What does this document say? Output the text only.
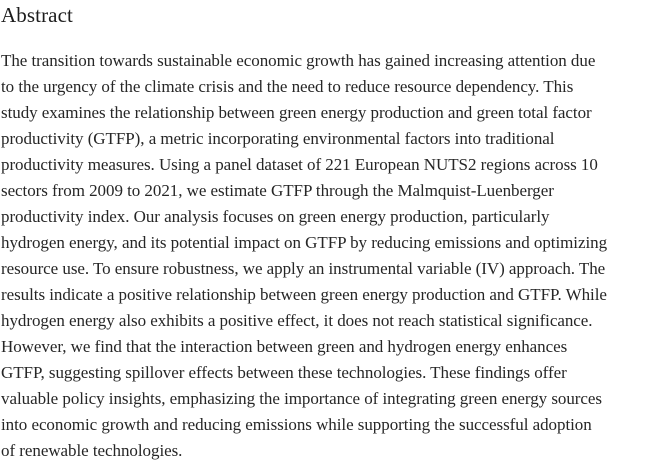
Abstract
The transition towards sustainable economic growth has gained increasing attention due
to the urgency of the climate crisis and the need to reduce resource dependency. This
study examines the relationship between green energy production and green total factor
productivity (GTFP), a metric incorporating environmental factors into traditional
productivity measures. Using a panel dataset of 221 European NUTS2 regions across 10
sectors from 2009 to 2021, we estimate GTFP through the Malmquist-Luenberger
productivity index. Our analysis focuses on green energy production, particularly
hydrogen energy, and its potential impact on GTFP by reducing emissions and optimizing
resource use. To ensure robustness, we apply an instrumental variable (IV) approach. The
results indicate a positive relationship between green energy production and GTFP. While
hydrogen energy also exhibits a positive effect, it does not reach statistical significance.
However, we find that the interaction between green and hydrogen energy enhances
GTFP, suggesting spillover effects between these technologies. These findings offer
valuable policy insights, emphasizing the importance of integrating green energy sources
into economic growth and reducing emissions while supporting the successful adoption
of renewable technologies.
